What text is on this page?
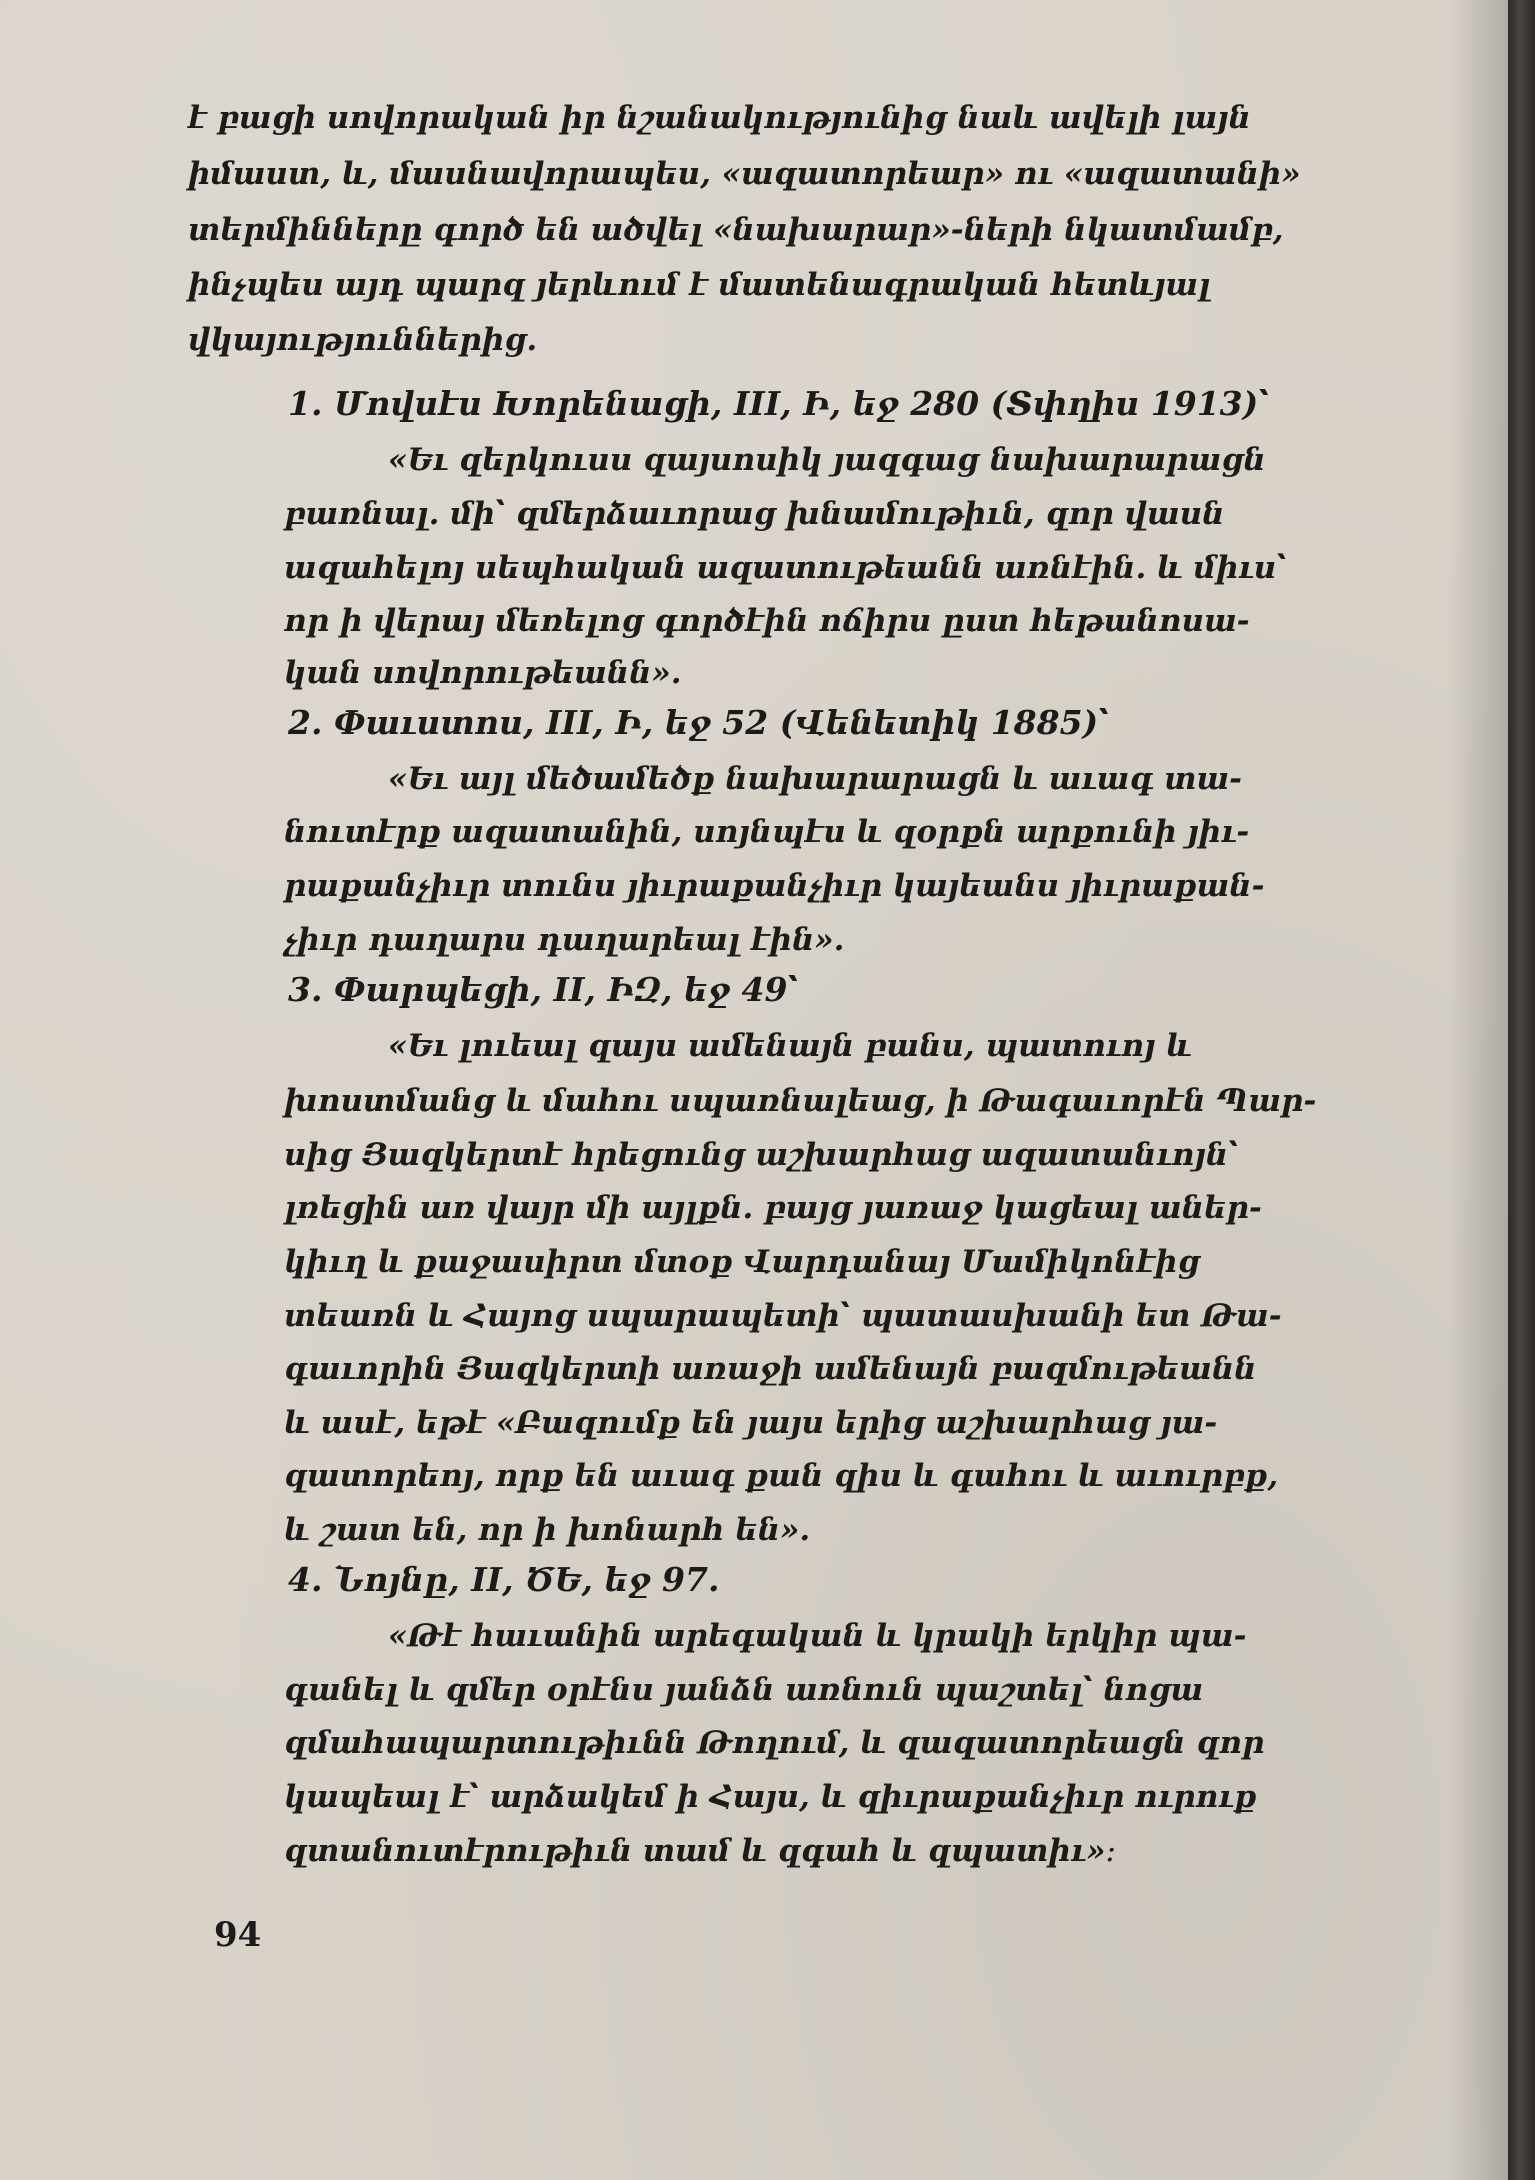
է բացի սովորական իր նշանակությունից նաև ավելի լայն
իմաստ, և, մասնավորապես, «ազատորեար» ու «ազատանի»
տերմինները գործ են ածվել «նախարար»-ների նկատմամբ,
ինչպես այդ պարզ յերևում է մատենագրական հետևյալ
վկայություններից․
1. Մովսէս Խորենացի, III, Ի, եջ 280 (Տփղիս 1913)՝
«Եւ զերկուսս զայսոսիկ յազգաց նախարարացն
բառնալ․ մի՝ զմերձաւորաց խնամութիւն, զոր վասն
ազահելոյ սեպհական ազատութեանն առնէին․ և միւս՝
որ ի վերայ մեռելոց գործէին ոճիրս ըստ հեթանոսա-
կան սովորութեանն»․
2. Փաւստոս, III, Ի, եջ 52 (Վենետիկ 1885)՝
«Եւ այլ մեծամեծք նախարարացն և աւագ տա-
նուտէրք ազատանին, սոյնպէս և զօրքն արքունի յիւ-
րաքանչիւր տունս յիւրաքանչիւր կայեանս յիւրաքան-
չիւր դաղարս դաղարեալ էին»․
3. Փարպեցի, II, ԻԶ, եջ 49՝
«Եւ լուեալ զայս ամենայն բանս, պատուոյ և
խոստմանց և մահու սպառնալեաց, ի Թագաւորէն Պար-
սից Յազկերտէ հրեցունց աշխարհաց ազատանւոյն՝
լռեցին առ վայր մի այլքն․ բայց յառաջ կացեալ աներ-
կիւղ և քաջասիրտ մտօք Վարդանայ Մամիկոնէից
տեառն և Հայոց սպարապետի՝ պատասխանի ետ Թա-
գաւորին Յազկերտի առաջի ամենայն բազմութեանն
և ասէ, եթէ «Բազումք են յայս երից աշխարհաց յա-
զատորեոյ, որք են աւագ քան զիս և գահու և աւուրբք,
և շատ են, որ ի խոնարհ են»․
4. Նոյնը, II, ԾԵ, եջ 97.
«Թէ հաւանին արեգական և կրակի երկիր պա-
գանել և զմեր օրէնս յանձն առնուն պաշտել՝ նոցա
զմահապարտութիւնն Թողում, և զազատորեացն զոր
կապեալ է՝ արձակեմ ի Հայս, և զիւրաքանչիւր ուրուք
զտանուտէրութիւն տամ և զգահ և զպատիւ»։
94
